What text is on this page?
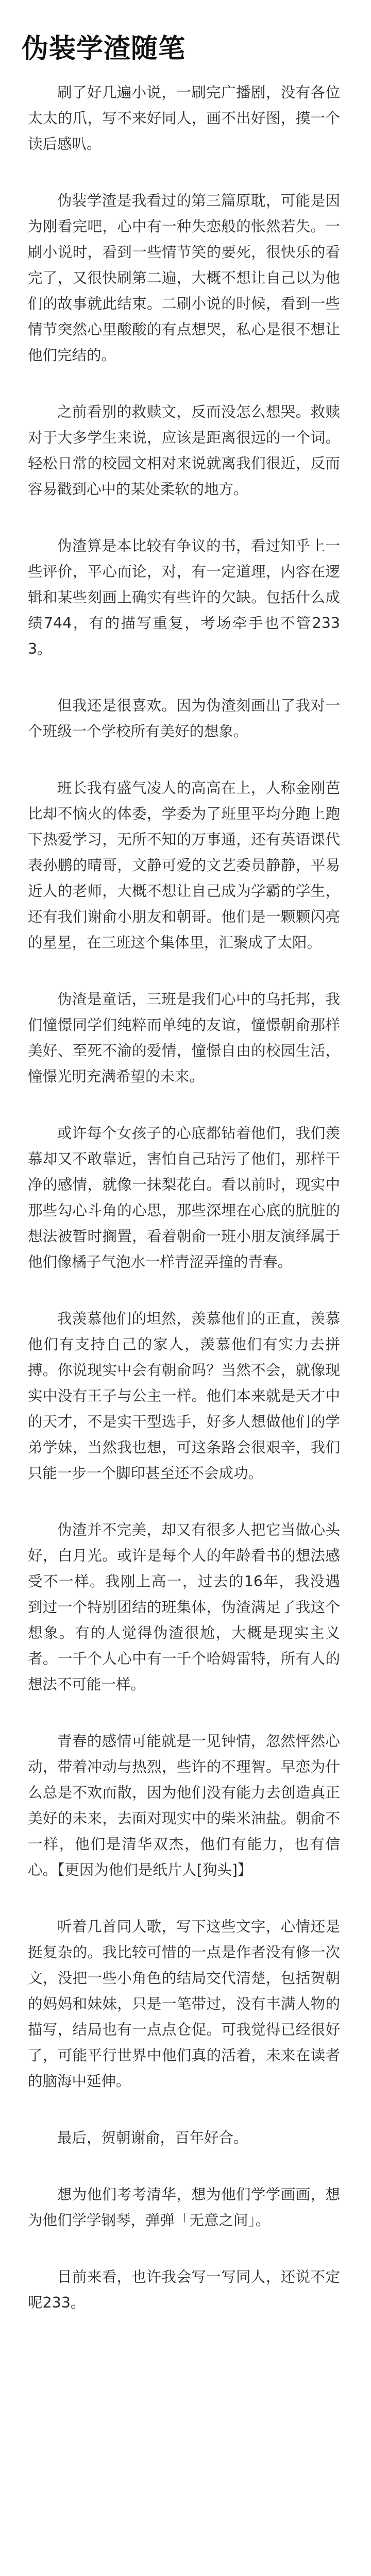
伪装学渣随笔

刷了好几遍小说，一刷完广播剧，没有各位太太的爪，写不来好同人，画不出好图，摸一个读后感叭。

伪装学渣是我看过的第三篇原耽，可能是因为刚看完吧，心中有一种失恋般的怅然若失。一刷小说时，看到一些情节笑的要死，很快乐的看完了，又很快刷第二遍，大概不想让自己以为他们的故事就此结束。二刷小说的时候，看到一些情节突然心里酸酸的有点想哭，私心是很不想让他们完结的。

之前看别的救赎文，反而没怎么想哭。救赎对于大多学生来说，应该是距离很远的一个词。轻松日常的校园文相对来说就离我们很近，反而容易戳到心中的某处柔软的地方。

伪渣算是本比较有争议的书，看过知乎上一些评价，平心而论，对，有一定道理，内容在逻辑和某些刻画上确实有些许的欠缺。包括什么成绩744，有的描写重复，考场牵手也不管2333。

但我还是很喜欢。因为伪渣刻画出了我对一个班级一个学校所有美好的想象。

班长我有盛气凌人的高高在上，人称金刚芭比却不恼火的体委，学委为了班里平均分跑上跑下热爱学习，无所不知的万事通，还有英语课代表孙鹏的晴哥，文静可爱的文艺委员静静，平易近人的老师，大概不想让自己成为学霸的学生，还有我们谢俞小朋友和朝哥。他们是一颗颗闪亮的星星，在三班这个集体里，汇聚成了太阳。

伪渣是童话，三班是我们心中的乌托邦，我们憧憬同学们纯粹而单纯的友谊，憧憬朝俞那样美好、至死不渝的爱情，憧憬自由的校园生活，憧憬光明充满希望的未来。

或许每个女孩子的心底都钻着他们，我们羡慕却又不敢靠近，害怕自己玷污了他们，那样干净的感情，就像一抹梨花白。看以前时，现实中那些勾心斗角的心思，那些深埋在心底的肮脏的想法被暂时搁置，看着朝俞一班小朋友演绎属于他们像橘子气泡水一样青涩弄撞的青春。

我羡慕他们的坦然，羡慕他们的正直，羡慕他们有支持自己的家人，羡慕他们有实力去拼搏。你说现实中会有朝俞吗？当然不会，就像现实中没有王子与公主一样。他们本来就是天才中的天才，不是实干型选手，好多人想做他们的学弟学妹，当然我也想，可这条路会很艰辛，我们只能一步一个脚印甚至还不会成功。

伪渣并不完美，却又有很多人把它当做心头好，白月光。或许是每个人的年龄看书的想法感受不一样。我刚上高一，过去的16年，我没遇到过一个特别团结的班集体，伪渣满足了我这个想象。有的人觉得伪渣很尬，大概是现实主义者。一千个人心中有一千个哈姆雷特，所有人的想法不可能一样。

青春的感情可能就是一见钟情，忽然怦然心动，带着冲动与热烈，些许的不理智。早恋为什么总是不欢而散，因为他们没有能力去创造真正美好的未来，去面对现实中的柴米油盐。朝俞不一样，他们是清华双杰，他们有能力，也有信心。【更因为他们是纸片人[狗头]】

听着几首同人歌，写下这些文字，心情还是挺复杂的。我比较可惜的一点是作者没有修一次文，没把一些小角色的结局交代清楚，包括贺朝的妈妈和妹妹，只是一笔带过，没有丰满人物的描写，结局也有一点点仓促。可我觉得已经很好了，可能平行世界中他们真的活着，未来在读者的脑海中延伸。

最后，贺朝谢俞，百年好合。

想为他们考考清华，想为他们学学画画，想为他们学学钢琴，弹弹「无意之间」。

目前来看，也许我会写一写同人，还说不定呢233。
